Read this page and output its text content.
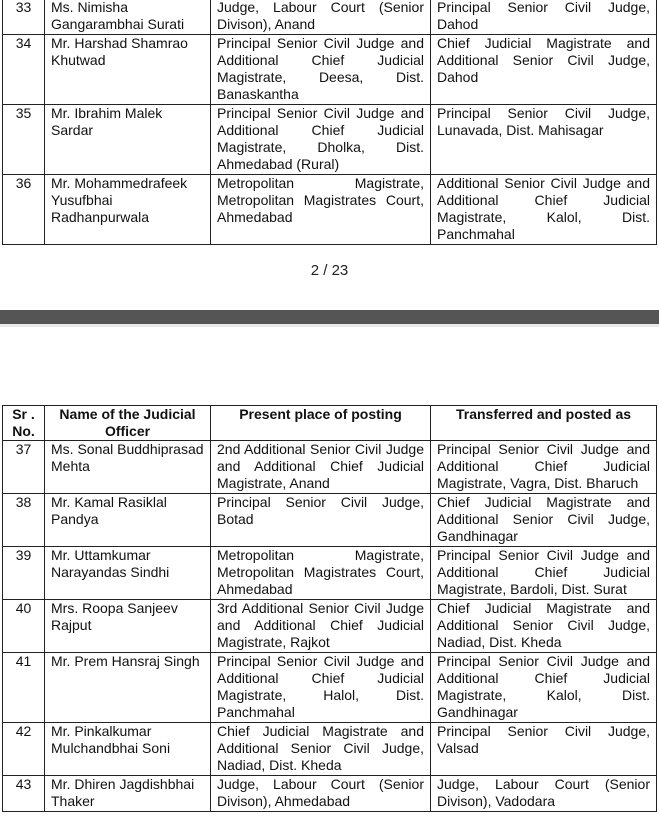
33	Ms. Nimisha Gangarambhai Surati	Judge, Labour Court (Senior Divison), Anand	Principal Senior Civil Judge, Dahod
34	Mr. Harshad Shamrao Khutwad	Principal Senior Civil Judge and Additional Chief Judicial Magistrate, Deesa, Dist. Banaskantha	Chief Judicial Magistrate and Additional Senior Civil Judge, Dahod
35	Mr. Ibrahim Malek Sardar	Principal Senior Civil Judge and Additional Chief Judicial Magistrate, Dholka, Dist. Ahmedabad (Rural)	Principal Senior Civil Judge, Lunavada, Dist. Mahisagar
36	Mr. Mohammedrafeek Yusufbhai Radhanpurwala	Metropolitan Magistrate, Metropolitan Magistrates Court, Ahmedabad	Additional Senior Civil Judge and Additional Chief Judicial Magistrate, Kalol, Dist. Panchmahal
2 / 23
Sr . No.	Name of the Judicial Officer	Present place of posting	Transferred and posted as
37	Ms. Sonal Buddhiprasad Mehta	2nd Additional Senior Civil Judge and Additional Chief Judicial Magistrate, Anand	Principal Senior Civil Judge and Additional Chief Judicial Magistrate, Vagra, Dist. Bharuch
38	Mr. Kamal Rasiklal Pandya	Principal Senior Civil Judge, Botad	Chief Judicial Magistrate and Additional Senior Civil Judge, Gandhinagar
39	Mr. Uttamkumar Narayandas Sindhi	Metropolitan Magistrate, Metropolitan Magistrates Court, Ahmedabad	Principal Senior Civil Judge and Additional Chief Judicial Magistrate, Bardoli, Dist. Surat
40	Mrs. Roopa Sanjeev Rajput	3rd Additional Senior Civil Judge and Additional Chief Judicial Magistrate, Rajkot	Chief Judicial Magistrate and Additional Senior Civil Judge, Nadiad, Dist. Kheda
41	Mr. Prem Hansraj Singh	Principal Senior Civil Judge and Additional Chief Judicial Magistrate, Halol, Dist. Panchmahal	Principal Senior Civil Judge and Additional Chief Judicial Magistrate, Kalol, Dist. Gandhinagar
42	Mr. Pinkalkumar Mulchandbhai Soni	Chief Judicial Magistrate and Additional Senior Civil Judge, Nadiad, Dist. Kheda	Principal Senior Civil Judge, Valsad
43	Mr. Dhiren Jagdishbhai Thaker	Judge, Labour Court (Senior Divison), Ahmedabad	Judge, Labour Court (Senior Divison), Vadodara
